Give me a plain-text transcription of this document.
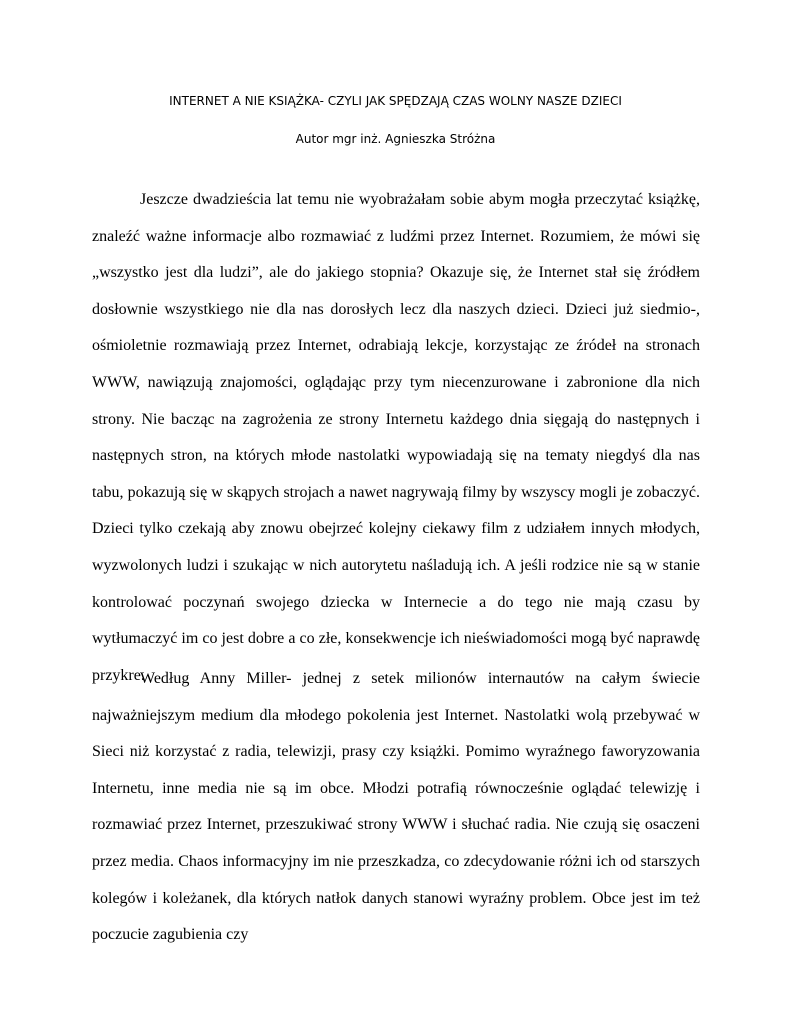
INTERNET A NIE KSIĄŻKA- CZYLI JAK SPĘDZAJĄ CZAS WOLNY NASZE DZIECI
Autor mgr inż. Agnieszka Stróżna

Jeszcze dwadzieścia lat temu nie wyobrażałam sobie abym mogła przeczytać książkę, znaleźć ważne informacje albo rozmawiać z ludźmi przez Internet. Rozumiem, że mówi się „wszystko jest dla ludzi”, ale do jakiego stopnia? Okazuje się, że Internet stał się źródłem dosłownie wszystkiego nie dla nas dorosłych lecz dla naszych dzieci. Dzieci już siedmio-, ośmioletnie rozmawiają przez Internet, odrabiają lekcje, korzystając ze źródeł na stronach WWW, nawiązują znajomości, oglądając przy tym niecenzurowane i zabronione dla nich strony. Nie bacząc na zagrożenia ze strony Internetu każdego dnia sięgają do następnych i następnych stron, na których młode nastolatki wypowiadają się na tematy niegdyś dla nas tabu, pokazują się w skąpych strojach a nawet nagrywają filmy by wszyscy mogli je zobaczyć. Dzieci tylko czekają aby znowu obejrzeć kolejny ciekawy film z udziałem innych młodych, wyzwolonych ludzi i szukając w nich autorytetu naśladują ich. A jeśli rodzice nie są w stanie kontrolować poczynań swojego dziecka w Internecie a do tego nie mają czasu by wytłumaczyć im co jest dobre a co złe, konsekwencje ich nieświadomości mogą być naprawdę przykre.

Według Anny Miller- jednej z setek milionów internautów na całym świecie najważniejszym medium dla młodego pokolenia jest Internet. Nastolatki wolą przebywać w Sieci niż korzystać z radia, telewizji, prasy czy książki. Pomimo wyraźnego faworyzowania Internetu, inne media nie są im obce. Młodzi potrafią równocześnie oglądać telewizję i rozmawiać przez Internet, przeszukiwać strony WWW i słuchać radia. Nie czują się osaczeni przez media. Chaos informacyjny im nie przeszkadza, co zdecydowanie różni ich od starszych kolegów i koleżanek, dla których natłok danych stanowi wyraźny problem. Obce jest im też poczucie zagubienia czy
